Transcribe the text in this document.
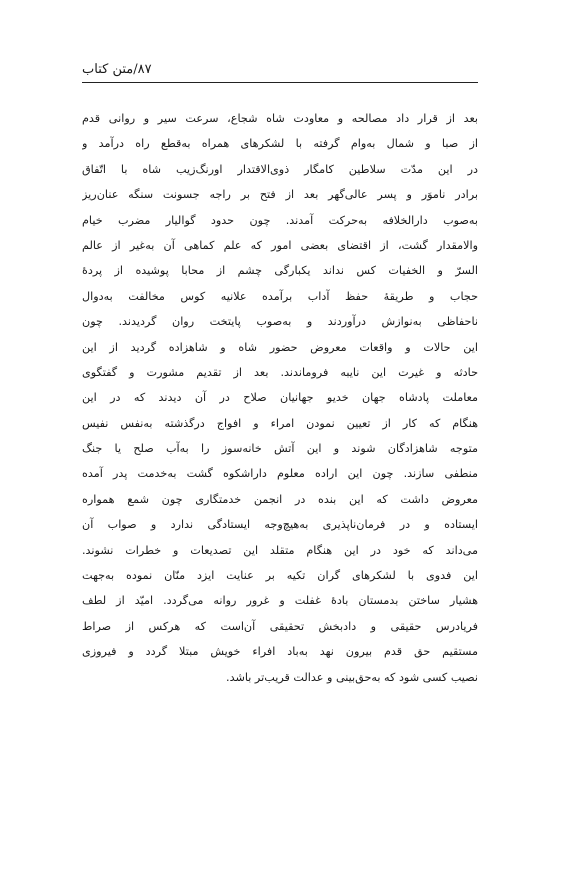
۸۷/متن کتاب
بعد از قرار داد مصالحه و معاودت شاه شجاع، سرعت سیر و روانی قدم
از صبا و شمال به‌وام گرفته با لشکرهای همراه به‌قطع راه درآمد و
در این مدّت سلاطین کامگار ذوی‌الاقتدار اورنگ‌زیب شاه با اتّفاق
برادر ناموَر و پسر عالی‌گهر بعد از فتح بر راجه جسونت سنگه عنان‌ریز
به‌صوب دارالخلافه به‌حرکت آمدند. چون حدود گوالیار مضرب خیام
والامقدار گشت، از اقتضای بعضی امور که علم کماهی آن به‌غیر از عالم
السرّ و الخفیات کس نداند یکبارگی چشم از محابا پوشیده از پردهٔ
حجاب و طریقهٔ حفظ آداب برآمده علانیه کوس مخالفت به‌دوال
ناحفاظی به‌نوازش درآوردند و به‌صوب پایتخت روان گردیدند. چون
این حالات و واقعات معروض حضور شاه و شاهزاده گردید از این
حادثه و غیرت این نایبه فروماندند. بعد از تقدیم مشورت و گفتگوی
معاملت پادشاه جهان خدیو جهانیان صلاح در آن دیدند که در این
هنگام که کار از تعیین نمودن امراء و افواج درگذشته به‌نفس نفیس
متوجه شاهزادگان شوند و این آتش خانه‌سوز را به‌آب صلح یا جنگ
منطفی سازند. چون این اراده معلوم داراشکوه گشت به‌خدمت پدر آمده
معروض داشت که این بنده در انجمن خدمتگاری چون شمع همواره
ایستاده و در فرمان‌ناپذیری به‌هیچ‌وجه ایستادگی ندارد و صواب آن
می‌داند که خود در این هنگام متقلد این تصدیعات و خطرات نشوند.
این فدوی با لشکرهای گران تکیه بر عنایت ایزد منّان نموده به‌جهت
هشیار ساختن بدمستان بادهٔ غفلت و غرور روانه می‌گردد. امیّد از لطف
فریادرس حقیقی و دادبخش تحقیقی آن‌است که هرکس از صراط
مستقیم حق قدم بیرون نهد به‌باد افراء خویش مبتلا گردد و فیروزی
نصیب کسی شود که به‌حق‌بینی و عدالت قریب‌تر باشد.
